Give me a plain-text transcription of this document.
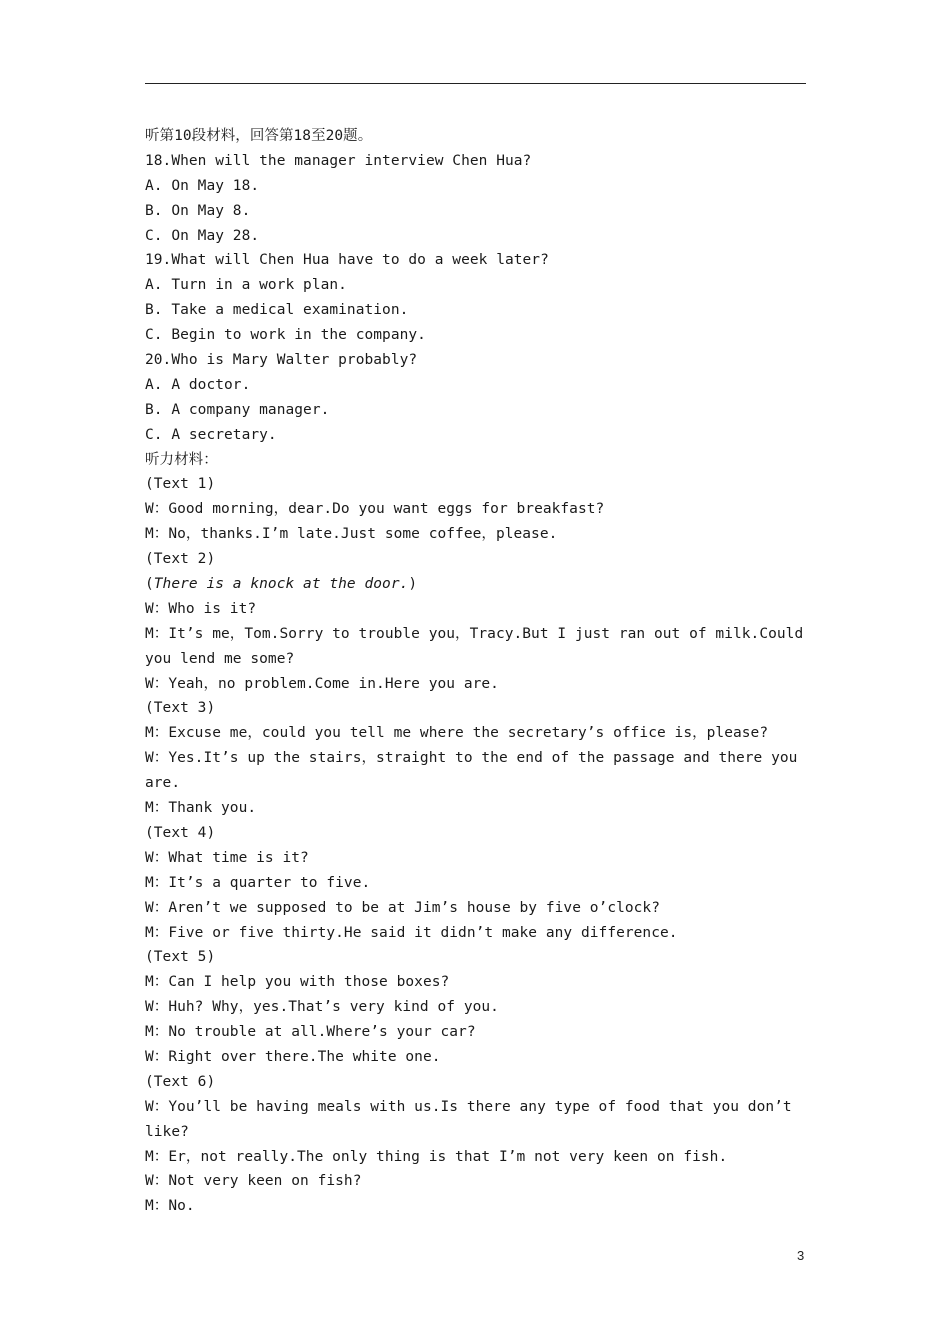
听第10段材料，回答第18至20题。
18.When will the manager interview Chen Hua?
A. On May 18.
B. On May 8.
C. On May 28.
19.What will Chen Hua have to do a week later?
A. Turn in a work plan.
B. Take a medical examination.
C. Begin to work in the company.
20.Who is Mary Walter probably?
A. A doctor.
B. A company manager.
C. A secretary.
听力材料：
(Text 1)
W：Good morning，dear.Do you want eggs for breakfast?
M：No，thanks.I’m late.Just some coffee，please.
(Text 2)
(There is a knock at the door.)
W：Who is it?
M：It’s me，Tom.Sorry to trouble you，Tracy.But I just ran out of milk.Could
you lend me some?
W：Yeah，no problem.Come in.Here you are.
(Text 3)
M：Excuse me，could you tell me where the secretary’s office is，please?
W：Yes.It’s up the stairs，straight to the end of the passage and there you
are.
M：Thank you.
(Text 4)
W：What time is it?
M：It’s a quarter to five.
W：Aren’t we supposed to be at Jim’s house by five o’clock?
M：Five or five thirty.He said it didn’t make any difference.
(Text 5)
M：Can I help you with those boxes?
W：Huh? Why，yes.That’s very kind of you.
M：No trouble at all.Where’s your car?
W：Right over there.The white one.
(Text 6)
W：You’ll be having meals with us.Is there any type of food that you don’t
like?
M：Er，not really.The only thing is that I’m not very keen on fish.
W：Not very keen on fish?
M：No.
3
